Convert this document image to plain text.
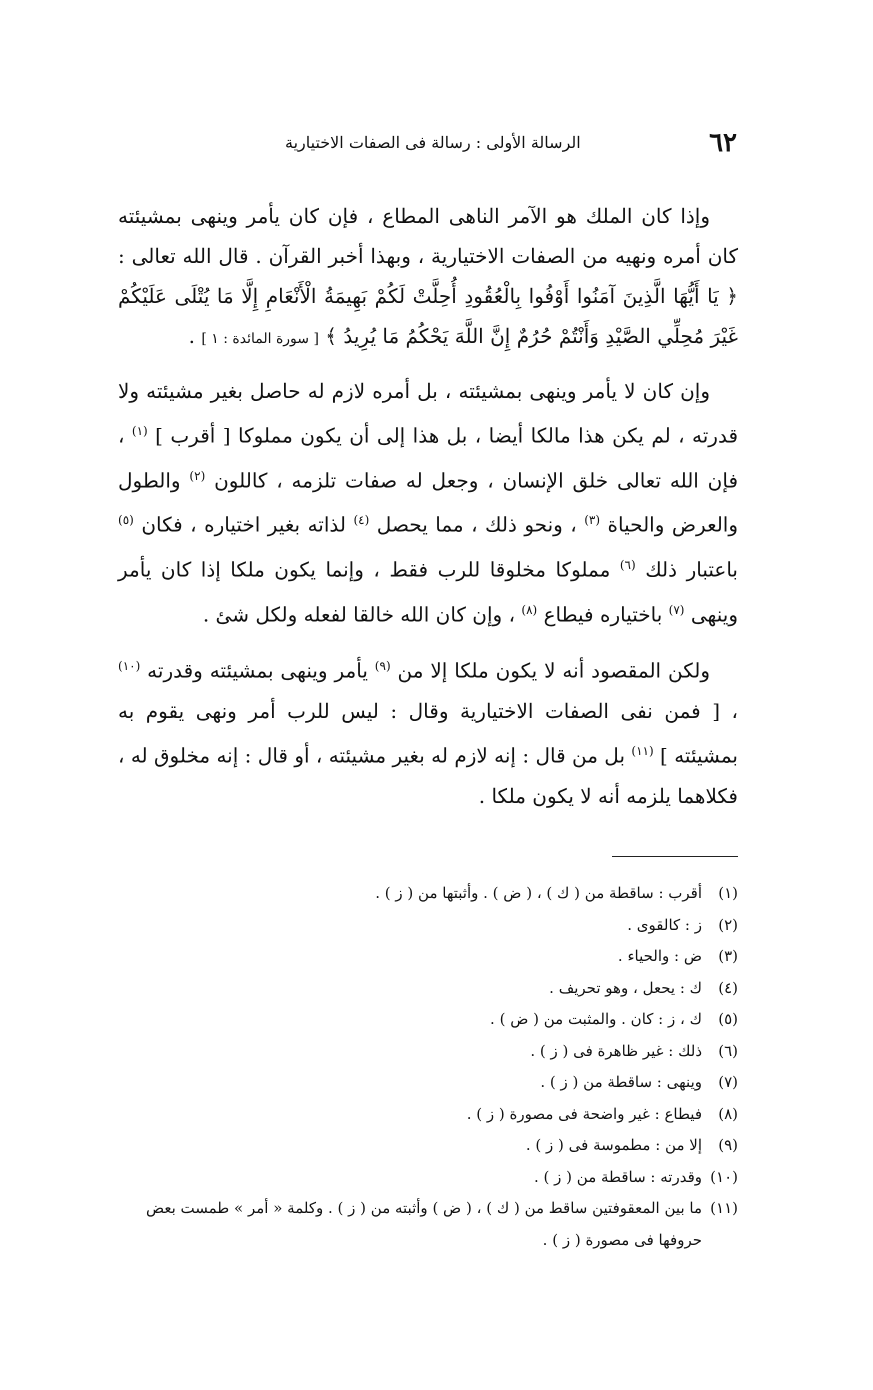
٦٢
الرسالة الأولى : رسالة فى الصفات الاختيارية

وإذا كان الملك هو الآمر الناهى المطاع ، فإن كان يأمر وينهى بمشيئته كان أمره ونهيه من الصفات الاختيارية ، وبهذا أخبر القرآن . قال الله تعالى : ﴿ يَا أَيُّهَا الَّذِينَ آمَنُوا أَوْفُوا بِالْعُقُودِ أُحِلَّتْ لَكُمْ بَهِيمَةُ الْأَنْعَامِ إِلَّا مَا يُتْلَى عَلَيْكُمْ غَيْرَ مُحِلِّي الصَّيْدِ وَأَنْتُمْ حُرُمٌ إِنَّ اللَّهَ يَحْكُمُ مَا يُرِيدُ ﴾ [ سورة المائدة : ١ ] .

وإن كان لا يأمر وينهى بمشيئته ، بل أمره لازم له حاصل بغير مشيئته ولا قدرته ، لم يكن هذا مالكا أيضا ، بل هذا إلى أن يكون مملوكا [ أقرب ] $^{(١)}$ ، فإن الله تعالى خلق الإنسان ، وجعل له صفات تلزمه ، كاللون $^{(٢)}$ والطول والعرض والحياة $^{(٣)}$ ، ونحو ذلك ، مما يحصل $^{(٤)}$ لذاته بغير اختياره ، فكان $^{(٥)}$ باعتبار ذلك $^{(٦)}$ مملوكا مخلوقا للرب فقط ، وإنما يكون ملكا إذا كان يأمر وينهى $^{(٧)}$ باختياره فيطاع $^{(٨)}$ ، وإن كان الله خالقا لفعله ولكل شئ .

ولكن المقصود أنه لا يكون ملكا إلا من $^{(٩)}$ يأمر وينهى بمشيئته وقدرته $^{(١٠)}$ ، [ فمن نفى الصفات الاختيارية وقال : ليس للرب أمر ونهى يقوم به بمشيئته ] $^{(١١)}$ بل من قال : إنه لازم له بغير مشيئته ، أو قال : إنه مخلوق له ، فكلاهما يلزمه أنه لا يكون ملكا .

(١)
أقرب : ساقطة من ( ك ) ، ( ض ) . وأثبتها من ( ز ) .
(٢)
ز : كالقوى .
(٣)
ض : والحياء .
(٤)
ك : يحعل ، وهو تحريف .
(٥)
ك ، ز : كان . والمثبت من ( ض ) .
(٦)
ذلك : غير ظاهرة فى ( ز ) .
(٧)
وينهى : ساقطة من ( ز ) .
(٨)
فيطاع : غير واضحة فى مصورة ( ز ) .
(٩)
إلا من : مطموسة فى ( ز ) .
(١٠)
وقدرته : ساقطة من ( ز ) .
(١١)
ما بين المعقوفتين ساقط من ( ك ) ، ( ض ) وأثبته من ( ز ) . وكلمة « أمر » طمست بعض حروفها فى مصورة ( ز ) .
